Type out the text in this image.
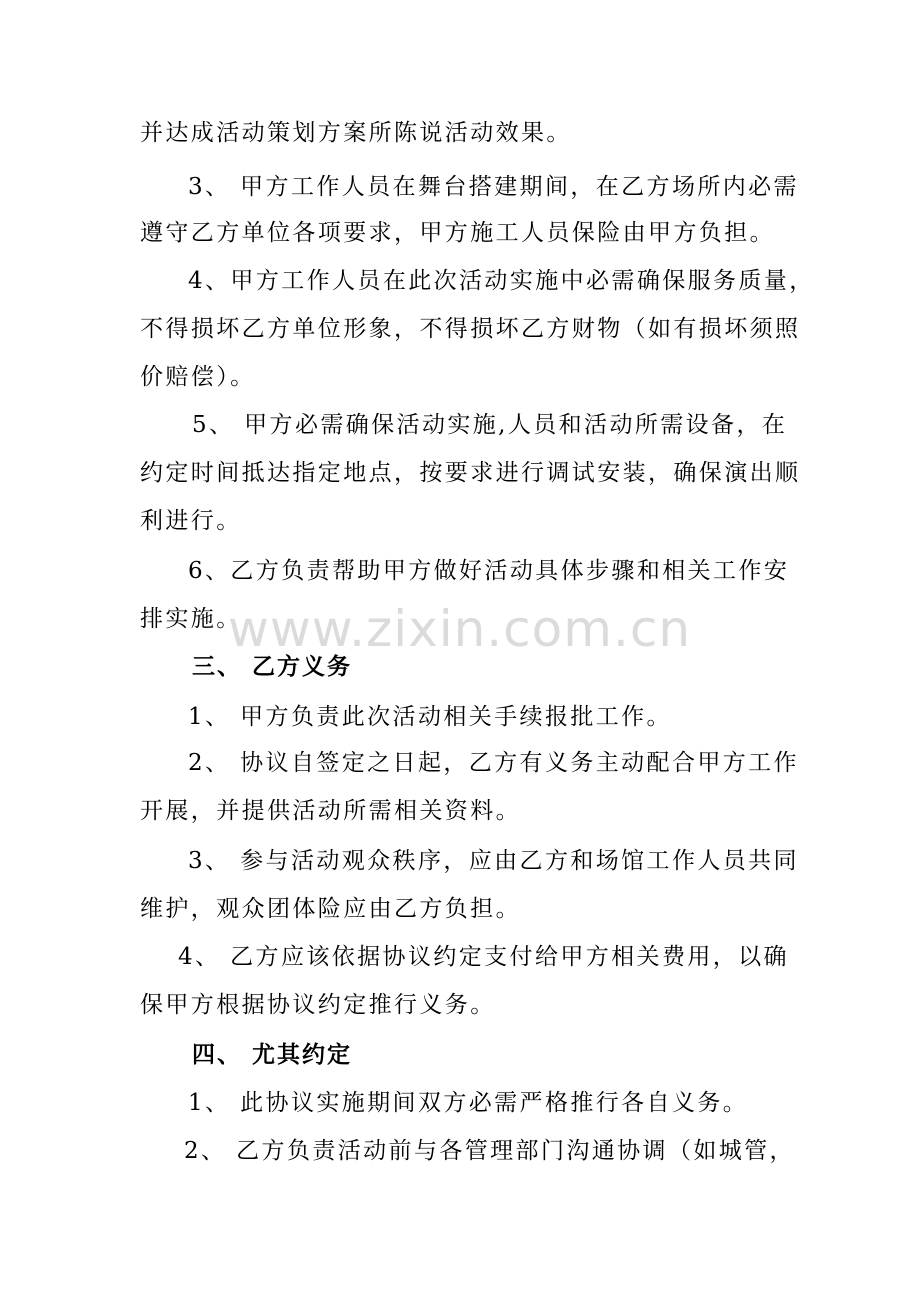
www.zixin.com.cn
并达成活动策划方案所陈说活动效果。
3、 甲方工作人员在舞台搭建期间，在乙方场所内必需
遵守乙方单位各项要求，甲方施工人员保险由甲方负担。
4、甲方工作人员在此次活动实施中必需确保服务质量，
不得损坏乙方单位形象，不得损坏乙方财物（如有损坏须照
价赔偿）。
5、 甲方必需确保活动实施,人员和活动所需设备，在
约定时间抵达指定地点，按要求进行调试安装，确保演出顺
利进行。
6、乙方负责帮助甲方做好活动具体步骤和相关工作安
排实施。
三、 乙方义务
1、 甲方负责此次活动相关手续报批工作。
2、 协议自签定之日起，乙方有义务主动配合甲方工作
开展，并提供活动所需相关资料。
3、 参与活动观众秩序，应由乙方和场馆工作人员共同
维护，观众团体险应由乙方负担。
4、 乙方应该依据协议约定支付给甲方相关费用，以确
保甲方根据协议约定推行义务。
四、 尤其约定
1、 此协议实施期间双方必需严格推行各自义务。
2、 乙方负责活动前与各管理部门沟通协调（如城管，
